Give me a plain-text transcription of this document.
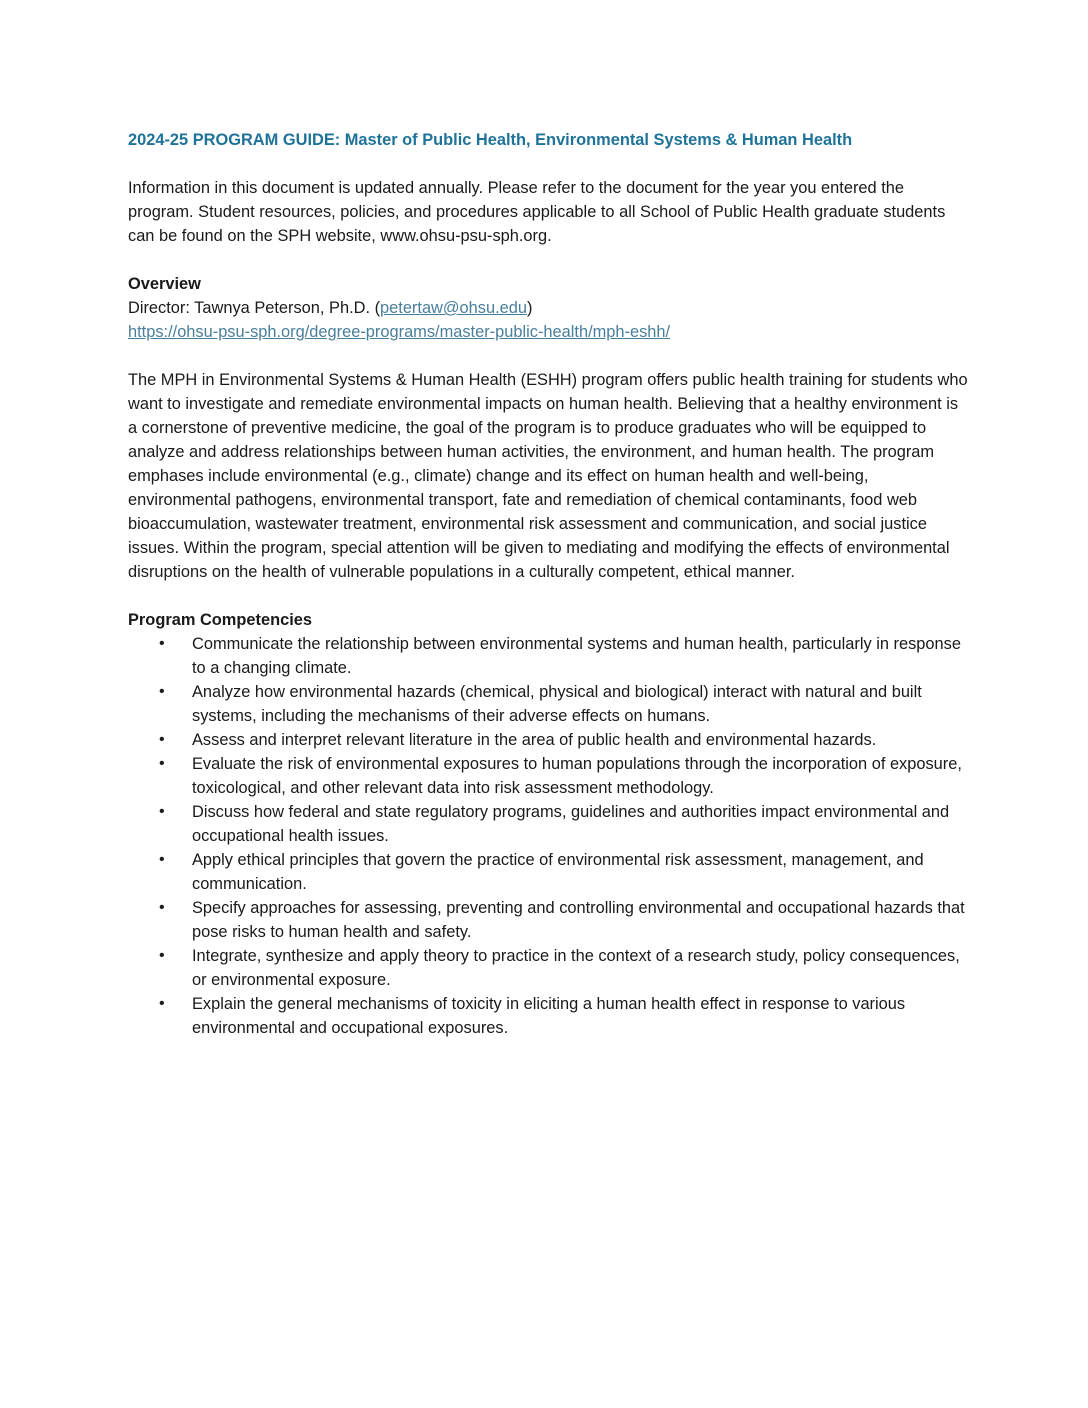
2024-25 PROGRAM GUIDE: Master of Public Health, Environmental Systems & Human Health

Information in this document is updated annually. Please refer to the document for the year you entered the program. Student resources, policies, and procedures applicable to all School of Public Health graduate students can be found on the SPH website, www.ohsu-psu-sph.org.

Overview
Director: Tawnya Peterson, Ph.D. (petertaw@ohsu.edu)
https://ohsu-psu-sph.org/degree-programs/master-public-health/mph-eshh/

The MPH in Environmental Systems & Human Health (ESHH) program offers public health training for students who want to investigate and remediate environmental impacts on human health. Believing that a healthy environment is a cornerstone of preventive medicine, the goal of the program is to produce graduates who will be equipped to analyze and address relationships between human activities, the environment, and human health. The program emphases include environmental (e.g., climate) change and its effect on human health and well-being, environmental pathogens, environmental transport, fate and remediation of chemical contaminants, food web bioaccumulation, wastewater treatment, environmental risk assessment and communication, and social justice issues. Within the program, special attention will be given to mediating and modifying the effects of environmental disruptions on the health of vulnerable populations in a culturally competent, ethical manner.

Program Competencies
• Communicate the relationship between environmental systems and human health, particularly in response to a changing climate.
• Analyze how environmental hazards (chemical, physical and biological) interact with natural and built systems, including the mechanisms of their adverse effects on humans.
• Assess and interpret relevant literature in the area of public health and environmental hazards.
• Evaluate the risk of environmental exposures to human populations through the incorporation of exposure, toxicological, and other relevant data into risk assessment methodology.
• Discuss how federal and state regulatory programs, guidelines and authorities impact environmental and occupational health issues.
• Apply ethical principles that govern the practice of environmental risk assessment, management, and communication.
• Specify approaches for assessing, preventing and controlling environmental and occupational hazards that pose risks to human health and safety.
• Integrate, synthesize and apply theory to practice in the context of a research study, policy consequences, or environmental exposure.
• Explain the general mechanisms of toxicity in eliciting a human health effect in response to various environmental and occupational exposures.
